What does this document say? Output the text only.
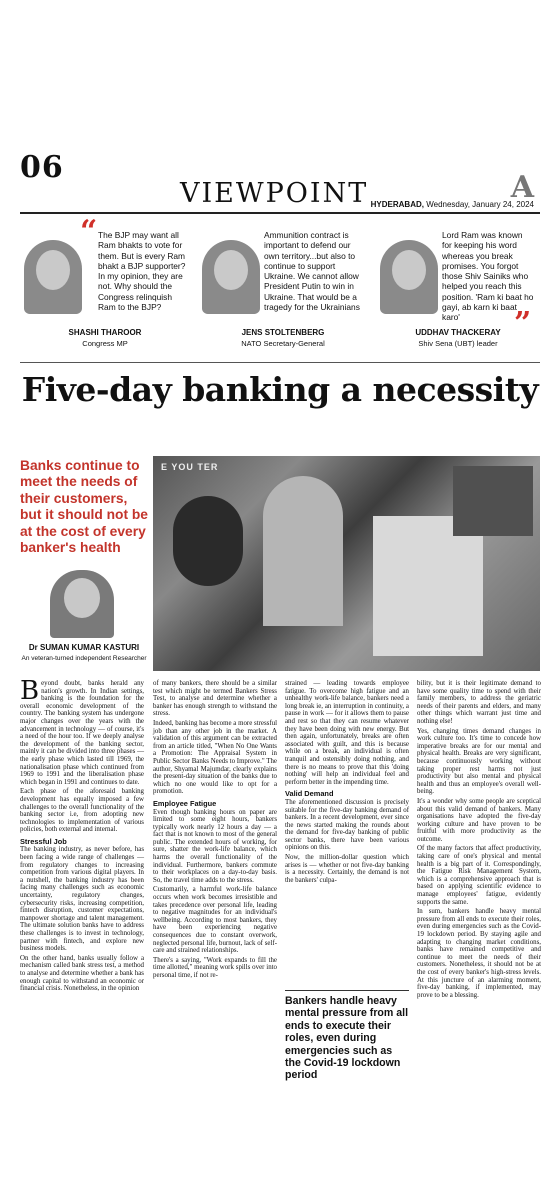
06
VIEWPOINT	A
HYDERABAD, Wednesday, January 24, 2024
“ The BJP may want all Ram bhakts to vote for them. But is every Ram bhakt a BJP supporter? In my opinion, they are not. Why should the Congress relinquish Ram to the BJP?
SHASHI THAROOR
Congress MP
Ammunition contract is important to defend our own territory...but also to continue to support Ukraine. We cannot allow President Putin to win in Ukraine. That would be a tragedy for the Ukrainians
JENS STOLTENBERG
NATO Secretary-General
Lord Ram was known for keeping his word whereas you break promises. You forgot those Shiv Sainiks who helped you reach this position. 'Ram ki baat ho gayi, ab karn ki baat karo'	”
UDDHAV THACKERAY
Shiv Sena (UBT) leader
Five-day banking a necessity
Banks continue to meet the needs of their customers, but it should not be at the cost of every banker's health
Dr SUMAN KUMAR KASTURI
An veteran-turned independent Researcher
E YOU TER

Beyond doubt, banks herald any nation's growth. In Indian settings, banking is the foundation for the overall economic development of the country. The banking system has undergone major changes over the years with the advancement in technology — of course, it's a need of the hour too. If we deeply analyse the development of the banking sector, mainly it can be divided into three phases — the early phase which lasted till 1969, the nationalisation phase which continued from 1969 to 1991 and the liberalisation phase which began in 1991 and continues to date.

Each phase of the aforesaid banking development has equally imposed a few challenges to the overall functionality of the banking sector i.e, from adopting new technologies to implementation of various policies, both external and internal.

Stressful Job

The banking industry, as never before, has been facing a wide range of challenges — from regulatory changes to increasing competition from various digital players. In a nutshell, the banking industry has been facing many challenges such as economic uncertainty, regulatory changes, cybersecurity risks, increasing competition, fintech disruption, customer expectations, manpower shortage and talent management. The ultimate solution banks have to address these challenges is to invest in technology, partner with fintech, and explore new business models.

On the other hand, banks usually follow a mechanism called bank stress test, a method to analyse and determine whether a bank has enough capital to withstand an economic or financial crisis. Nonetheless, in the opinion

of many bankers, there should be a similar test which might be termed Bankers Stress Test, to analyse and determine whether a banker has enough strength to withstand the stress.

Indeed, banking has become a more stressful job than any other job in the market. A validation of this argument can be extracted from an article titled, "When No One Wants a Promotion: The Appraisal System in Public Sector Banks Needs to Improve." The author, Shyamal Majumdar, clearly explains the present-day situation of the banks due to which no one would like to opt for a promotion.

Employee Fatigue

Even though banking hours on paper are limited to some eight hours, bankers typically work nearly 12 hours a day — a fact that is not known to most of the general public. The extended hours of working, for sure, shatter the work-life balance, which harms the overall functionality of the individual. Furthermore, bankers commute to their workplaces on a day-to-day basis. So, the travel time adds to the stress.

Customarily, a harmful work-life balance occurs when work becomes irresistible and takes precedence over personal life, leading to negative magnitudes for an individual's wellbeing. According to most bankers, they have been experiencing negative consequences due to constant overwork, neglected personal life, burnout, lack of self-care and strained relationships.

There's a saying, "Work expands to fill the time allotted," meaning work spills over into personal time, if not re-

strained — leading towards employee fatigue. To overcome high fatigue and an unhealthy work-life balance, bankers need a long break ie, an interruption in continuity, a pause in work — for it allows them to pause and rest so that they can resume whatever they have been doing with new energy. But then again, unfortunately, breaks are often associated with guilt, and this is because while on a break, an individual is often tranquil and ostensibly doing nothing, and there is no means to prove that this 'doing nothing' will help an individual feel and perform better in the impending time.

Valid Demand

The aforementioned discussion is precisely suitable for the five-day banking demand of bankers. In a recent development, ever since the news started making the rounds about the demand for five-day banking of public sector banks, there have been various opinions on this.

Now, the million-dollar question which arises is — whether or not five-day banking is a necessity. Certainly, the demand is not the bankers' culpa-

bility, but it is their legitimate demand to have some quality time to spend with their family members, to address the geriatric needs of their parents and elders, and many other things which warrant just time and nothing else!

Yes, changing times demand changes in work culture too. It's time to concede how imperative breaks are for our mental and physical health. Breaks are very significant, because continuously working without taking proper rest harms not just productivity but also mental and physical health and thus an employee's overall well-being.

It's a wonder why some people are sceptical about this valid demand of bankers. Many organisations have adopted the five-day working culture and have proven to be fruitful with more productivity as the outcome.

Of the many factors that affect productivity, taking care of one's physical and mental health is a big part of it. Correspondingly, the Fatigue Risk Management System, which is a comprehensive approach that is based on applying scientific evidence to manage employees' fatigue, evidently supports the same.

In sum, bankers handle heavy mental pressure from all ends to execute their roles, even during emergencies such as the Covid-19 lockdown period. By staying agile and adapting to changing market conditions, banks have remained competitive and continue to meet the needs of their customers. Nonetheless, it should not be at the cost of every banker's high-stress levels. At this juncture of an alarming moment, five-day banking, if implemented, may prove to be a blessing.

Bankers handle heavy mental pressure from all ends to execute their roles, even during emergencies such as the Covid-19 lockdown period
